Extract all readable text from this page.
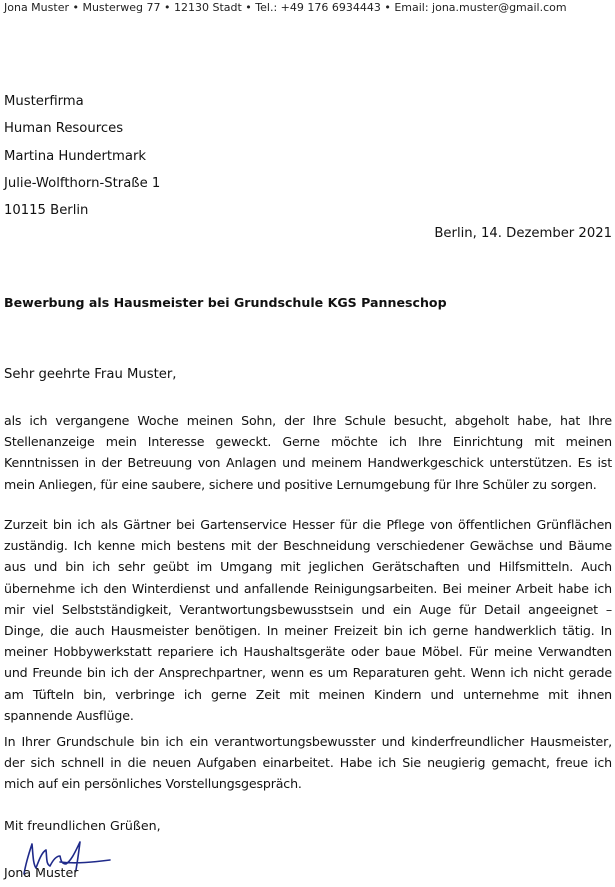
Jona Muster • Musterweg 77 • 12130 Stadt • Tel.: +49 176 6934443 • Email: jona.muster@gmail.com
Musterfirma
Human Resources
Martina Hundertmark
Julie-Wolfthorn-Straße 1
10115 Berlin
Berlin, 14. Dezember 2021
Bewerbung als Hausmeister bei Grundschule KGS Panneschop
Sehr geehrte Frau Muster,
als ich vergangene Woche meinen Sohn, der Ihre Schule besucht, abgeholt habe, hat Ihre Stellenanzeige mein Interesse geweckt. Gerne möchte ich Ihre Einrichtung mit meinen Kenntnissen in der Betreuung von Anlagen und meinem Handwerkgeschick unterstützen. Es ist mein Anliegen, für eine saubere, sichere und positive Lernumgebung für Ihre Schüler zu sorgen.
Zurzeit bin ich als Gärtner bei Gartenservice Hesser für die Pflege von öffentlichen Grünflächen zuständig. Ich kenne mich bestens mit der Beschneidung verschiedener Gewächse und Bäume aus und bin ich sehr geübt im Umgang mit jeglichen Gerätschaften und Hilfsmitteln. Auch übernehme ich den Winterdienst und anfallende Reinigungsarbeiten. Bei meiner Arbeit habe ich mir viel Selbstständigkeit, Verantwortungsbewusstsein und ein Auge für Detail angeeignet – Dinge, die auch Hausmeister benötigen. In meiner Freizeit bin ich gerne handwerklich tätig. In meiner Hobbywerkstatt repariere ich Haushaltsgeräte oder baue Möbel. Für meine Verwandten und Freunde bin ich der Ansprechpartner, wenn es um Reparaturen geht. Wenn ich nicht gerade am Tüfteln bin, verbringe ich gerne Zeit mit meinen Kindern und unternehme mit ihnen spannende Ausflüge.
In Ihrer Grundschule bin ich ein verantwortungsbewusster und kinderfreundlicher Hausmeister, der sich schnell in die neuen Aufgaben einarbeitet. Habe ich Sie neugierig gemacht, freue ich mich auf ein persönliches Vorstellungsgespräch.
Mit freundlichen Grüßen,
Jona Muster
